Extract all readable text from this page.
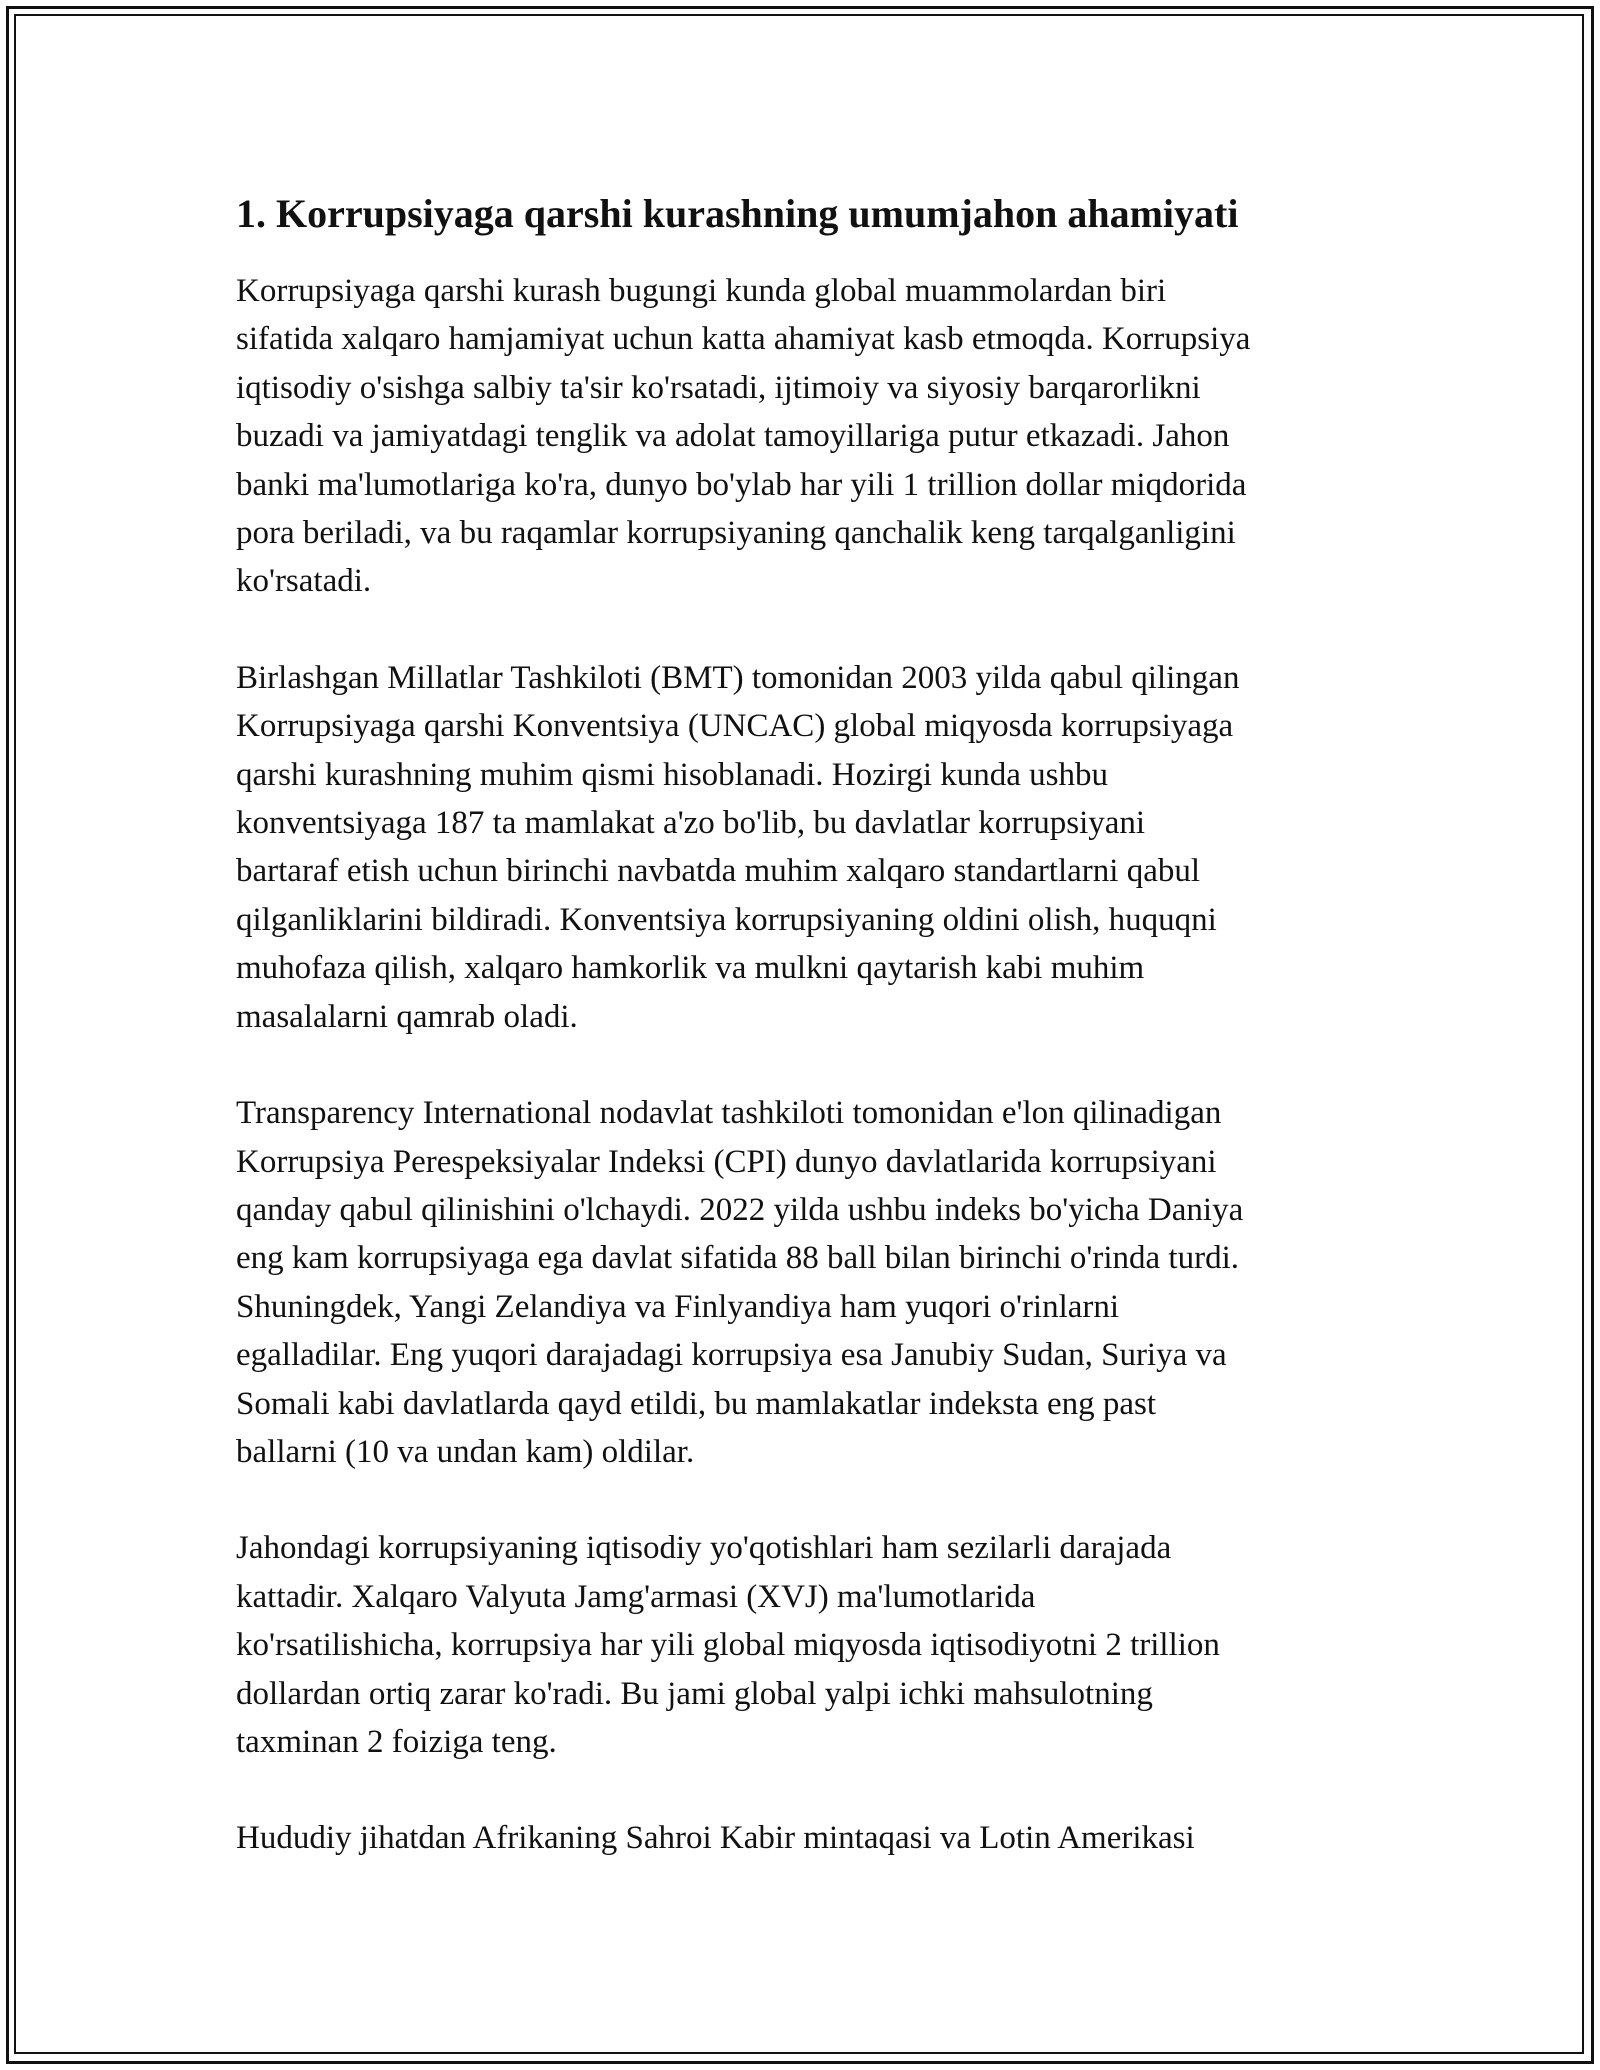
1. Korrupsiyaga qarshi kurashning umumjahon ahamiyati

Korrupsiyaga qarshi kurash bugungi kunda global muammolardan biri
sifatida xalqaro hamjamiyat uchun katta ahamiyat kasb etmoqda. Korrupsiya
iqtisodiy o'sishga salbiy ta'sir ko'rsatadi, ijtimoiy va siyosiy barqarorlikni
buzadi va jamiyatdagi tenglik va adolat tamoyillariga putur etkazadi. Jahon
banki ma'lumotlariga ko'ra, dunyo bo'ylab har yili 1 trillion dollar miqdorida
pora beriladi, va bu raqamlar korrupsiyaning qanchalik keng tarqalganligini
ko'rsatadi.

Birlashgan Millatlar Tashkiloti (BMT) tomonidan 2003 yilda qabul qilingan
Korrupsiyaga qarshi Konventsiya (UNCAC) global miqyosda korrupsiyaga
qarshi kurashning muhim qismi hisoblanadi. Hozirgi kunda ushbu
konventsiyaga 187 ta mamlakat a'zo bo'lib, bu davlatlar korrupsiyani
bartaraf etish uchun birinchi navbatda muhim xalqaro standartlarni qabul
qilganliklarini bildiradi. Konventsiya korrupsiyaning oldini olish, huquqni
muhofaza qilish, xalqaro hamkorlik va mulkni qaytarish kabi muhim
masalalarni qamrab oladi.

Transparency International nodavlat tashkiloti tomonidan e'lon qilinadigan
Korrupsiya Perespeksiyalar Indeksi (CPI) dunyo davlatlarida korrupsiyani
qanday qabul qilinishini o'lchaydi. 2022 yilda ushbu indeks bo'yicha Daniya
eng kam korrupsiyaga ega davlat sifatida 88 ball bilan birinchi o'rinda turdi.
Shuningdek, Yangi Zelandiya va Finlyandiya ham yuqori o'rinlarni
egalladilar. Eng yuqori darajadagi korrupsiya esa Janubiy Sudan, Suriya va
Somali kabi davlatlarda qayd etildi, bu mamlakatlar indeksta eng past
ballarni (10 va undan kam) oldilar.

Jahondagi korrupsiyaning iqtisodiy yo'qotishlari ham sezilarli darajada
kattadir. Xalqaro Valyuta Jamg'armasi (XVJ) ma'lumotlarida
ko'rsatilishicha, korrupsiya har yili global miqyosda iqtisodiyotni 2 trillion
dollardan ortiq zarar ko'radi. Bu jami global yalpi ichki mahsulotning
taxminan 2 foiziga teng.

Hududiy jihatdan Afrikaning Sahroi Kabir mintaqasi va Lotin Amerikasi
